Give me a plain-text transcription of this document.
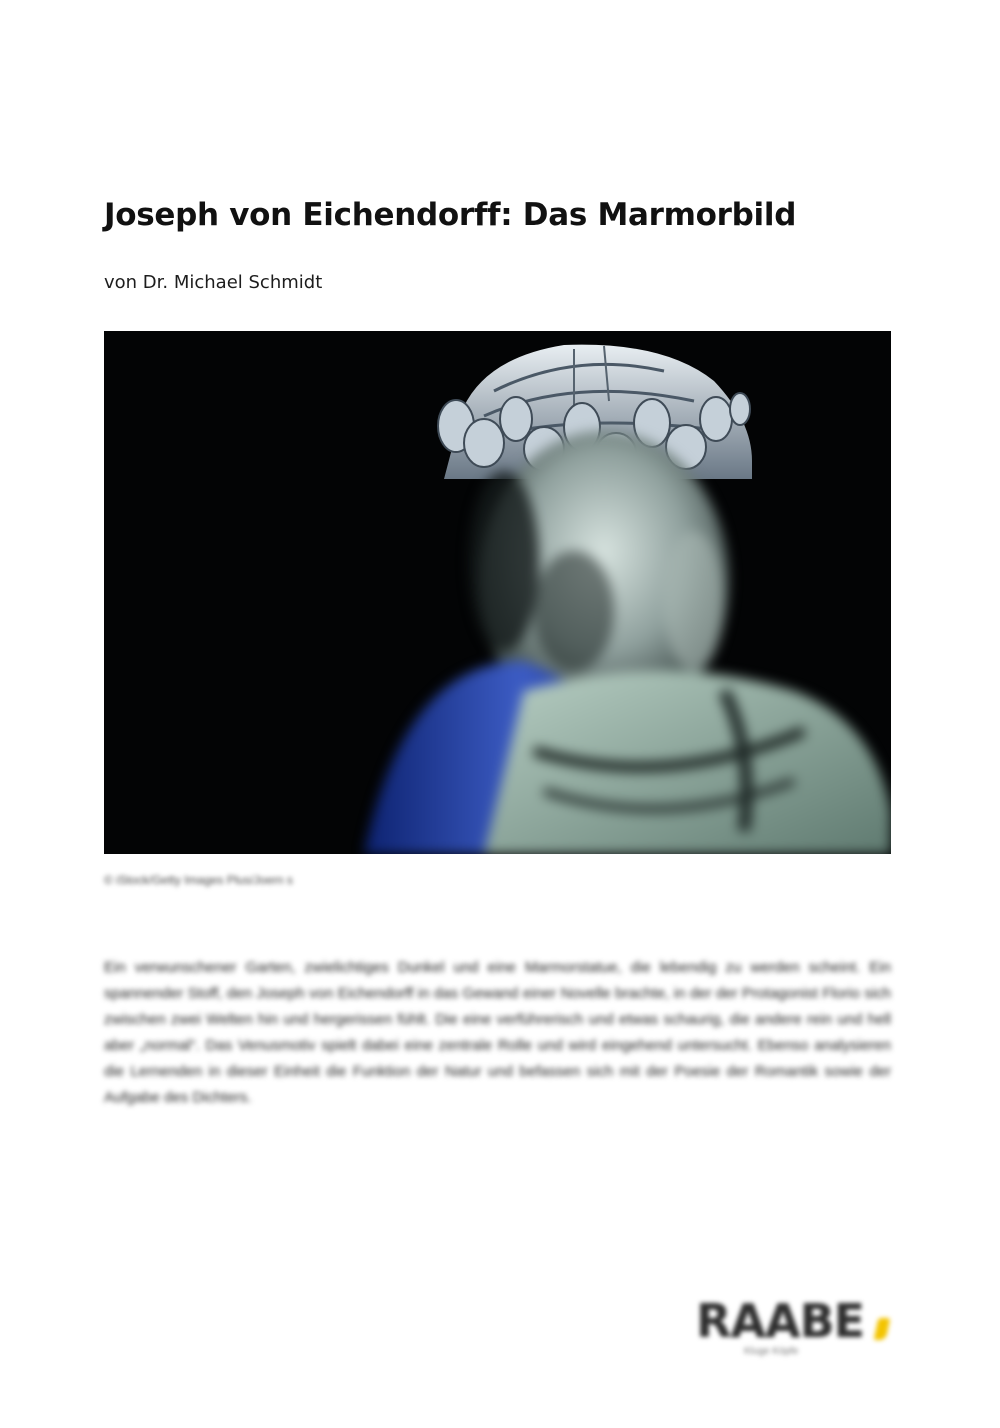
Joseph von Eichendorff: Das Marmorbild
von Dr. Michael Schmidt
© iStock/Getty Images Plus/Joern s

Ein verwunschener Garten, zwielichtiges Dunkel und eine Marmorstatue, die lebendig zu werden scheint. Ein spannender Stoff, den Joseph von Eichendorff in das Gewand einer Novelle brachte, in der der Protagonist Florio sich zwischen zwei Welten hin und hergerissen fühlt. Die eine verführerisch und etwas schaurig, die andere rein und hell aber „normal“. Das Venusmotiv spielt dabei eine zentrale Rolle und wird eingehend untersucht. Ebenso analysieren die Lernenden in dieser Einheit die Funktion der Natur und befassen sich mit der Poesie der Romantik sowie der Aufgabe des Dichters.

RAABE
Kluge Köpfe
